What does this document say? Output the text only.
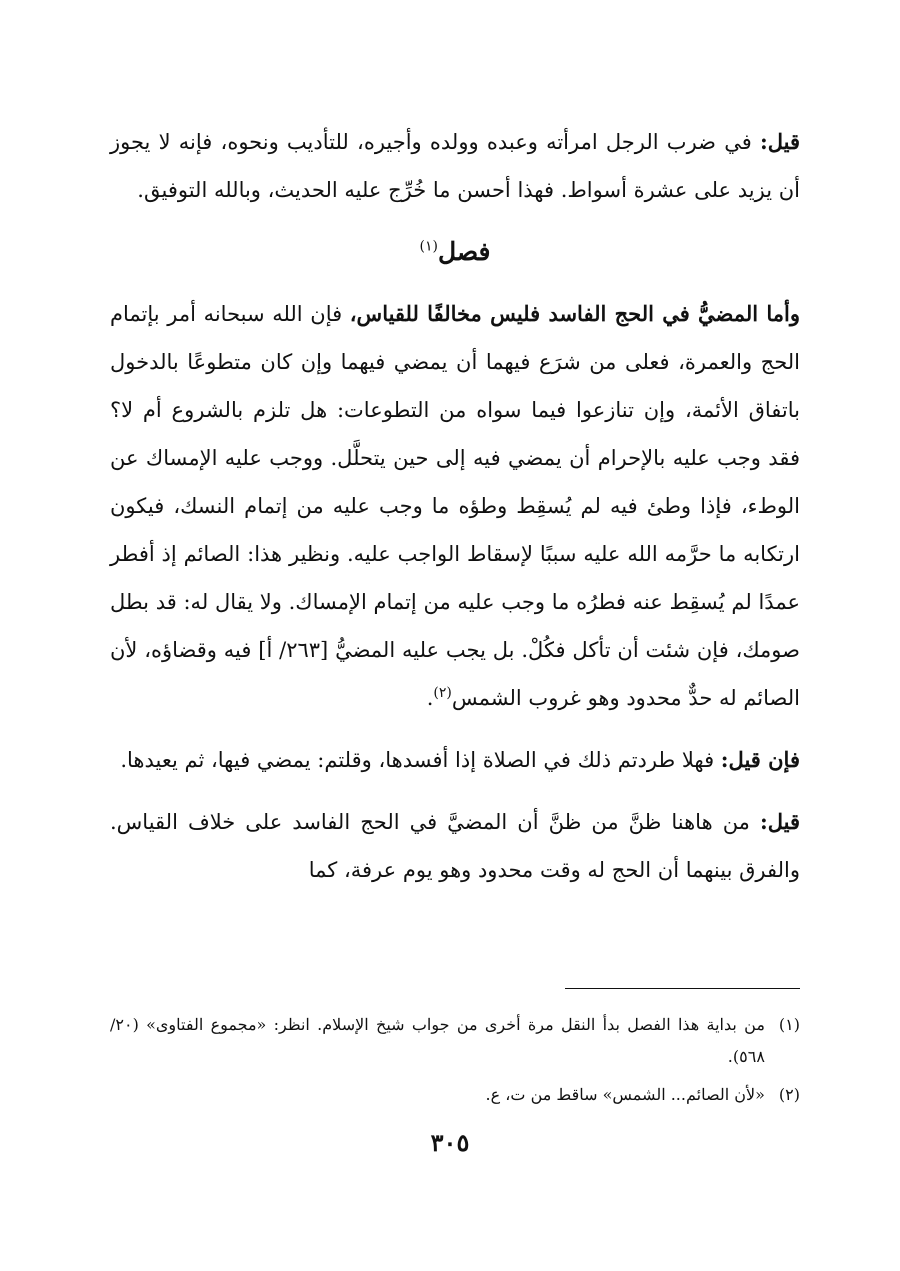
قيل: في ضرب الرجل امرأته وعبده وولده وأجيره، للتأديب ونحوه، فإنه لا يجوز أن يزيد على عشرة أسواط. فهذا أحسن ما خُرِّج عليه الحديث، وبالله التوفيق.

فصل$^{(١)}$

وأما المضيُّ في الحج الفاسد فليس مخالفًا للقياس، فإن الله سبحانه أمر بإتمام الحج والعمرة، فعلى من شرَع فيهما أن يمضي فيهما وإن كان متطوعًا بالدخول باتفاق الأئمة، وإن تنازعوا فيما سواه من التطوعات: هل تلزم بالشروع أم لا؟ فقد وجب عليه بالإحرام أن يمضي فيه إلى حين يتحلَّل. ووجب عليه الإمساك عن الوطء، فإذا وطئ فيه لم يُسقِط وطؤه ما وجب عليه من إتمام النسك، فيكون ارتكابه ما حرَّمه الله عليه سببًا لإسقاط الواجب عليه. ونظير هذا: الصائم إذ أفطر عمدًا لم يُسقِط عنه فطرُه ما وجب عليه من إتمام الإمساك. ولا يقال له: قد بطل صومك، فإن شئت أن تأكل فكُلْ. بل يجب عليه المضيُّ [٢٦٣/ أ] فيه وقضاؤه، لأن الصائم له حدٌّ محدود وهو غروب الشمس$^{(٢)}$.

فإن قيل: فهلا طردتم ذلك في الصلاة إذا أفسدها، وقلتم: يمضي فيها، ثم يعيدها.

قيل: من هاهنا ظنَّ من ظنَّ أن المضيَّ في الحج الفاسد على خلاف القياس. والفرق بينهما أن الحج له وقت محدود وهو يوم عرفة، كما

(١)
من بداية هذا الفصل بدأ النقل مرة أخرى من جواب شيخ الإسلام. انظر: «مجموع الفتاوى» (٢٠/ ٥٦٨).
(٢)
«لأن الصائم... الشمس» ساقط من ت، ع.
٣٠٥
